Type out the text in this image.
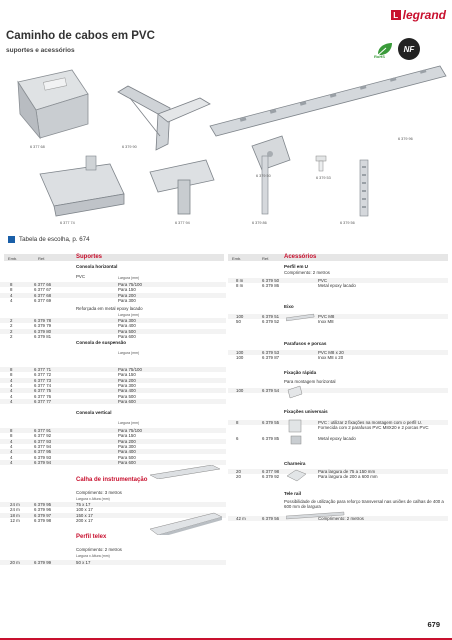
L legrand
Caminho de cabos em PVC
suportes e acessórios
RoHS
NF
6 377 68	6 379 90
6 379 96
6 379 50	6 379 53
6 377 74	6 377 94	6 379 86	6 379 56
Tabela de escolha, p. 674
Emb.	Ref.	Emb.	Ref.
Suportes	Acessórios
Consola horizontal
PVC	Largura (mm)
8	6 377 66	Para 75/100
8	6 377 67	Para 150
4	6 377 68	Para 200
4	6 377 69	Para 300
Reforçada em metal epoxy lacado
Largura (mm)
2	6 379 78	Para 300
2	6 379 79	Para 400
2	6 379 80	Para 500
2	6 379 81	Para 600
Consola de suspensão
Largura (mm)
8	6 377 71	Para 75/100
8	6 377 72	Para 150
4	6 377 73	Para 200
4	6 377 74	Para 300
4	6 377 75	Para 400
4	6 377 76	Para 500
4	6 377 77	Para 600
Consola vertical
Largura (mm)
8	6 377 91	Para 75/100
8	6 377 92	Para 150
4	6 377 93	Para 200
4	6 377 94	Para 300
4	6 377 95	Para 400
4	6 379 93	Para 500
4	6 379 94	Para 600
Calha de instrumentação
Comprimento: 3 metros
Largura x Altura (mm)
24 m	6 379 95	75 x 17
24 m	6 379 96	100 x 17
18 m	6 379 97	150 x 17
12 m	6 379 98	200 x 17
Perfil telex
Comprimento: 2 metros
Largura x Altura (mm)
20 m	6 379 99	50 x 17
Perfil em U
Comprimento: 2 metros
8 m	6 379 50	PVC
8 m	6 379 86	Metal epoxy lacado
Eixo
100	6 379 51	PVC M8
50	6 379 52	Inox M8
Parafusos e porcas
100	6 379 53	PVC M8 x 20
100	6 379 87	Inox M8 x 20
Fixação rápida
Para montagem horizontal
100	6 379 54
Fixações universais
8	6 379 55	PVC : utilizar 2 fixações na montagem com o perfil U. Fornecida com 2 parafusos PVC M8X20 e 2 porcas PVC
6	6 379 85	Metal epoxy lacado
Charneira
20	6 377 98	Para largura de 75 a 150 mm
20	6 379 92	Para largura de 200 a 600 mm
Tele rail
Possibilidade de utilização para reforço transversal nas uniões de calhas de 400 a 600 mm de largura
42 m	6 379 56	Comprimento: 2 metros
679
